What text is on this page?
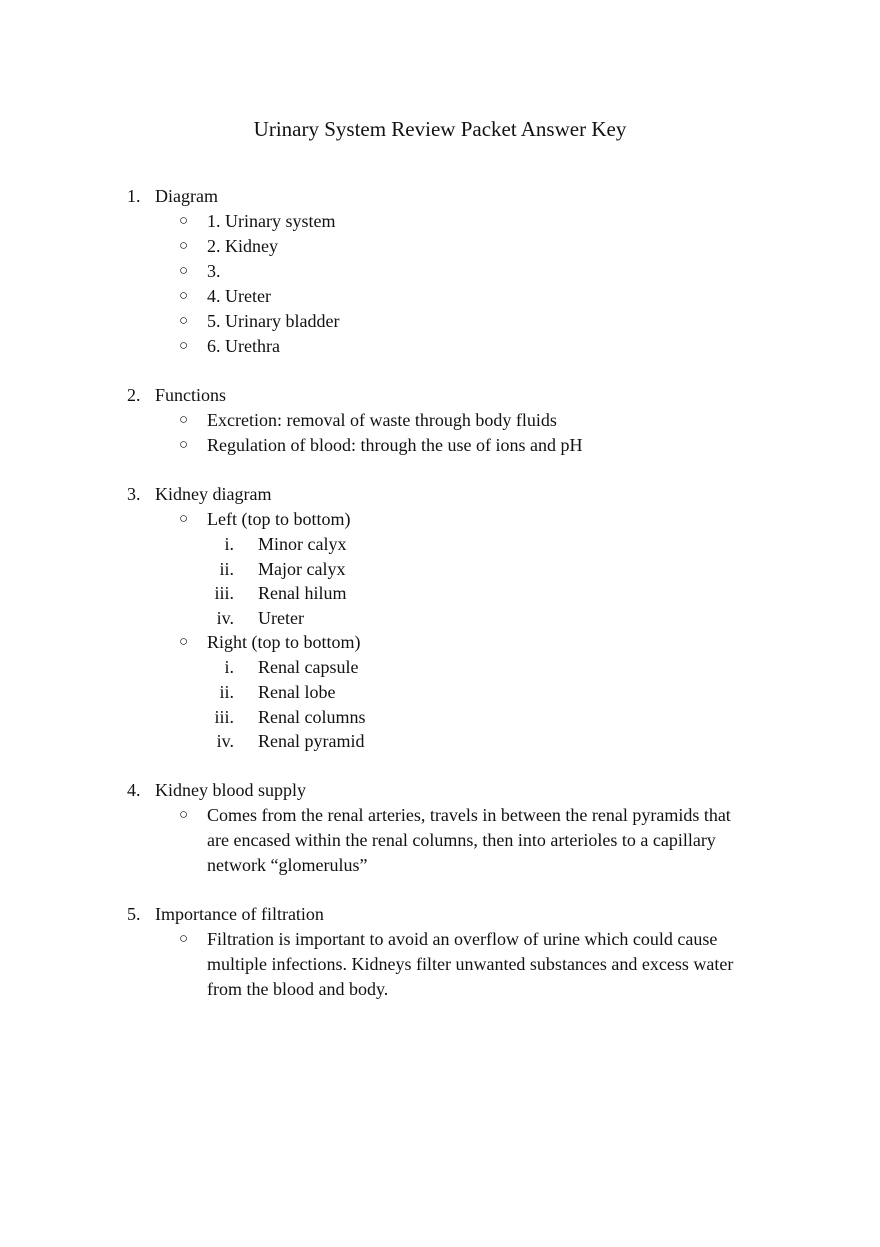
Urinary System Review Packet Answer Key
1. Diagram
○ 1. Urinary system
○ 2. Kidney
○ 3.
○ 4. Ureter
○ 5. Urinary bladder
○ 6. Urethra
2. Functions
○ Excretion: removal of waste through body fluids
○ Regulation of blood: through the use of ions and pH
3. Kidney diagram
○ Left (top to bottom)
i. Minor calyx
ii. Major calyx
iii. Renal hilum
iv. Ureter
○ Right (top to bottom)
i. Renal capsule
ii. Renal lobe
iii. Renal columns
iv. Renal pyramid
4. Kidney blood supply
○ Comes from the renal arteries, travels in between the renal pyramids that are encased within the renal columns, then into arterioles to a capillary network “glomerulus”
5. Importance of filtration
○ Filtration is important to avoid an overflow of urine which could cause multiple infections. Kidneys filter unwanted substances and excess water from the blood and body.
